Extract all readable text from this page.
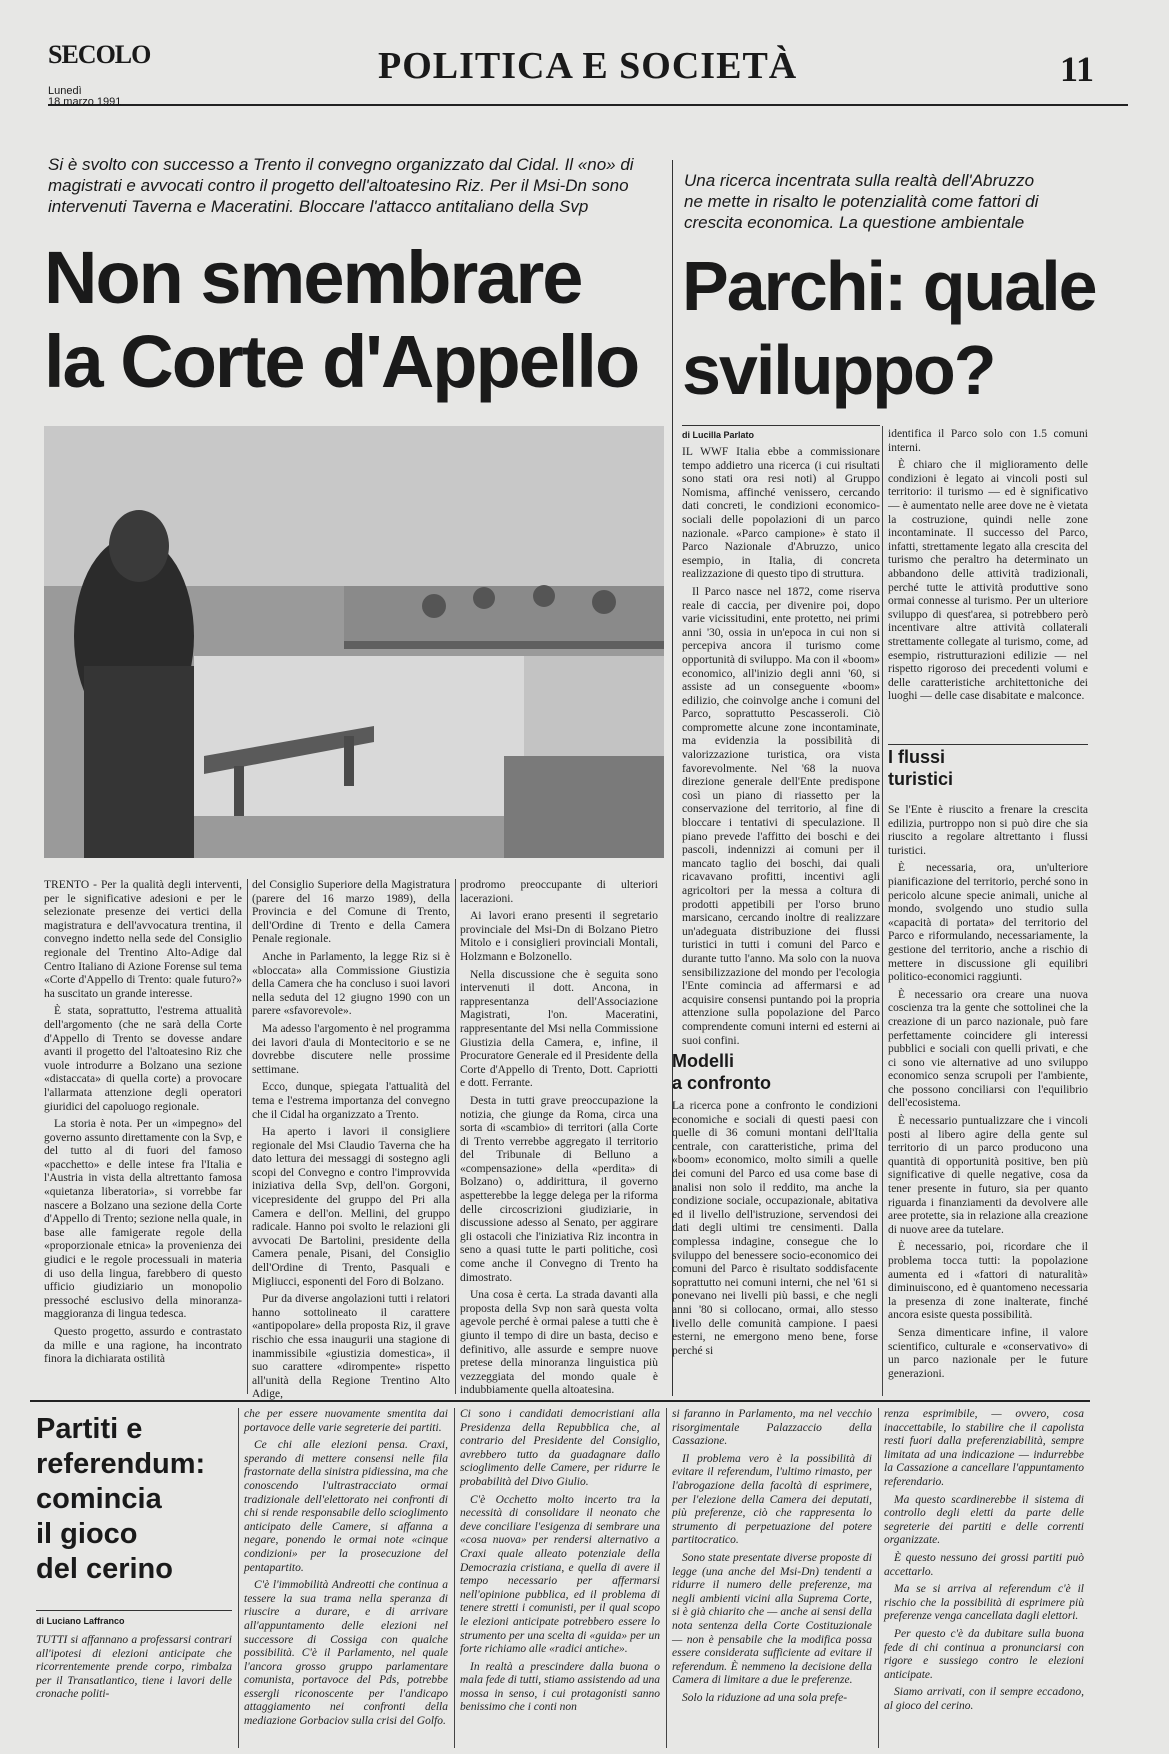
SECOLO
Lunedì
18 marzo 1991
POLITICA E SOCIETÀ	11
Si è svolto con successo a Trento il convegno organizzato dal Cidal. Il «no» di magistrati e avvocati contro il progetto dell'altoatesino Riz. Per il Msi-Dn sono intervenuti Taverna e Maceratini. Bloccare l'attacco antitaliano della Svp
Non smembrare
la Corte d'Appello

TRENTO - Per la qualità degli interventi, per le significative adesioni e per le selezionate presenze dei vertici della magistratura e dell'avvocatura trentina, il convegno indetto nella sede del Consiglio regionale del Trentino Alto-Adige dal Centro Italiano di Azione Forense sul tema «Corte d'Appello di Trento: quale futuro?» ha suscitato un grande interesse.

È stata, soprattutto, l'estrema attualità dell'argomento (che ne sarà della Corte d'Appello di Trento se dovesse andare avanti il progetto del l'altoatesino Riz che vuole introdurre a Bolzano una sezione «distaccata» di quella corte) a provocare l'allarmata attenzione degli operatori giuridici del capoluogo regionale.

La storia è nota. Per un «impegno» del governo assunto direttamente con la Svp, e del tutto al di fuori del famoso «pacchetto» e delle intese fra l'Italia e l'Austria in vista della altrettanto famosa «quietanza liberatoria», si vorrebbe far nascere a Bolzano una sezione della Corte d'Appello di Trento; sezione nella quale, in base alle famigerate regole della «proporzionale etnica» la provenienza dei giudici e le regole processuali in materia di uso della lingua, farebbero di questo ufficio giudiziario un monopolio pressoché esclusivo della minoranza-maggioranza di lingua tedesca.

Questo progetto, assurdo e contrastato da mille e una ragione, ha incontrato finora la dichiarata ostilità

del Consiglio Superiore della Magistratura (parere del 16 marzo 1989), della Provincia e del Comune di Trento, dell'Ordine di Trento e della Camera Penale regionale.

Anche in Parlamento, la legge Riz si è «bloccata» alla Commissione Giustizia della Camera che ha concluso i suoi lavori nella seduta del 12 giugno 1990 con un parere «sfavorevole».

Ma adesso l'argomento è nel programma dei lavori d'aula di Montecitorio e se ne dovrebbe discutere nelle prossime settimane.

Ecco, dunque, spiegata l'attualità del tema e l'estrema importanza del convegno che il Cidal ha organizzato a Trento.

Ha aperto i lavori il consigliere regionale del Msi Claudio Taverna che ha dato lettura dei messaggi di sostegno agli scopi del Convegno e contro l'improvvida iniziativa della Svp, dell'on. Gorgoni, vicepresidente del gruppo del Pri alla Camera e dell'on. Mellini, del gruppo radicale. Hanno poi svolto le relazioni gli avvocati De Bartolini, presidente della Camera penale, Pisani, del Consiglio dell'Ordine di Trento, Pasquali e Migliucci, esponenti del Foro di Bolzano.

Pur da diverse angolazioni tutti i relatori hanno sottolineato il carattere «antipopolare» della proposta Riz, il grave rischio che essa inaugurii una stagione di inammissibile «giustizia domestica», il suo carattere «dirompente» rispetto all'unità della Regione Trentino Alto Adige,

prodromo preoccupante di ulteriori lacerazioni.

Ai lavori erano presenti il segretario provinciale del Msi-Dn di Bolzano Pietro Mitolo e i consiglieri provinciali Montali, Holzmann e Bolzonello.

Nella discussione che è seguita sono intervenuti il dott. Ancona, in rappresentanza dell'Associazione Magistrati, l'on. Maceratini, rappresentante del Msi nella Commissione Giustizia della Camera, e, infine, il Procuratore Generale ed il Presidente della Corte d'Appello di Trento, Dott. Capriotti e dott. Ferrante.

Desta in tutti grave preoccupazione la notizia, che giunge da Roma, circa una sorta di «scambio» di territori (alla Corte di Trento verrebbe aggregato il territorio del Tribunale di Belluno a «compensazione» della «perdita» di Bolzano) o, addirittura, il governo aspetterebbe la legge delega per la riforma delle circoscrizioni giudiziarie, in discussione adesso al Senato, per aggirare gli ostacoli che l'iniziativa Riz incontra in seno a quasi tutte le parti politiche, così come anche il Convegno di Trento ha dimostrato.

Una cosa è certa. La strada davanti alla proposta della Svp non sarà questa volta agevole perché è ormai palese a tutti che è giunto il tempo di dire un basta, deciso e definitivo, alle assurde e sempre nuove pretese della minoranza linguistica più vezzeggiata del mondo quale è indubbiamente quella altoatesina.

Una ricerca incentrata sulla realtà dell'Abruzzo ne mette in risalto le potenzialità come fattori di crescita economica. La questione ambientale
Parchi: quale
sviluppo?
di Lucilla Parlato

IL WWF Italia ebbe a commissionare tempo addietro una ricerca (i cui risultati sono stati ora resi noti) al Gruppo Nomisma, affinché venissero, cercando dati concreti, le condizioni economico-sociali delle popolazioni di un parco nazionale. «Parco campione» è stato il Parco Nazionale d'Abruzzo, unico esempio, in Italia, di concreta realizzazione di questo tipo di struttura.

Il Parco nasce nel 1872, come riserva reale di caccia, per divenire poi, dopo varie vicissitudini, ente protetto, nei primi anni '30, ossia in un'epoca in cui non si percepiva ancora il turismo come opportunità di sviluppo. Ma con il «boom» economico, all'inizio degli anni '60, si assiste ad un conseguente «boom» edilizio, che coinvolge anche i comuni del Parco, soprattutto Pescasseroli. Ciò compromette alcune zone incontaminate, ma evidenzia la possibilità di valorizzazione turistica, ora vista favorevolmente. Nel '68 la nuova direzione generale dell'Ente predispone così un piano di riassetto per la conservazione del territorio, al fine di bloccare i tentativi di speculazione. Il piano prevede l'affitto dei boschi e dei pascoli, indennizzi ai comuni per il mancato taglio dei boschi, dai quali ricavavano profitti, incentivi agli agricoltori per la messa a coltura di prodotti appetibili per l'orso bruno marsicano, cercando inoltre di realizzare un'adeguata distribuzione dei flussi turistici in tutti i comuni del Parco e durante tutto l'anno. Ma solo con la nuova sensibilizzazione del mondo per l'ecologia l'Ente comincia ad affermarsi e ad acquisire consensi puntando poi la propria attenzione sulla popolazione del Parco comprendente comuni interni ed esterni ai suoi confini.

Modelli
a confronto

La ricerca pone a confronto le condizioni economiche e sociali di questi paesi con quelle di 36 comuni montani dell'Italia centrale, con caratteristiche, prima del «boom» economico, molto simili a quelle dei comuni del Parco ed usa come base di analisi non solo il reddito, ma anche la condizione sociale, occupazionale, abitativa ed il livello dell'istruzione, servendosi dei dati degli ultimi tre censimenti. Dalla complessa indagine, consegue che lo sviluppo del benessere socio-economico dei comuni del Parco è risultato soddisfacente soprattutto nei comuni interni, che nel '61 si ponevano nei livelli più bassi, e che negli anni '80 si collocano, ormai, allo stesso livello delle comunità campione. I paesi esterni, ne emergono meno bene, forse perché si

identifica il Parco solo con 1.5 comuni interni.

È chiaro che il miglioramento delle condizioni è legato ai vincoli posti sul territorio: il turismo — ed è significativo — è aumentato nelle aree dove ne è vietata la costruzione, quindi nelle zone incontaminate. Il successo del Parco, infatti, strettamente legato alla crescita del turismo che peraltro ha determinato un abbandono delle attività tradizionali, perché tutte le attività produttive sono ormai connesse al turismo. Per un ulteriore sviluppo di quest'area, si potrebbero però incentivare altre attività collaterali strettamente collegate al turismo, come, ad esempio, ristrutturazioni edilizie — nel rispetto rigoroso dei precedenti volumi e delle caratteristiche architettoniche dei luoghi — delle case disabitate e malconce.

I flussi
turistici

Se l'Ente è riuscito a frenare la crescita edilizia, purtroppo non si può dire che sia riuscito a regolare altrettanto i flussi turistici.

È necessaria, ora, un'ulteriore pianificazione del territorio, perché sono in pericolo alcune specie animali, uniche al mondo, svolgendo uno studio sulla «capacità di portata» del territorio del Parco e riformulando, necessariamente, la gestione del territorio, anche a rischio di mettere in discussione gli equilibri politico-economici raggiunti.

È necessario ora creare una nuova coscienza tra la gente che sottolinei che la creazione di un parco nazionale, può fare perfettamente coincidere gli interessi pubblici e sociali con quelli privati, e che ci sono vie alternative ad uno sviluppo economico senza scrupoli per l'ambiente, che possono conciliarsi con l'equilibrio dell'ecosistema.

È necessario puntualizzare che i vincoli posti al libero agire della gente sul territorio di un parco producono una quantità di opportunità positive, ben più significative di quelle negative, cosa da tener presente in futuro, sia per quanto riguarda i finanziamenti da devolvere alle aree protette, sia in relazione alla creazione di nuove aree da tutelare.

È necessario, poi, ricordare che il problema tocca tutti: la popolazione aumenta ed i «fattori di naturalità» diminuiscono, ed è quantomeno necessaria la presenza di zone inalterate, finché ancora esiste questa possibilità.

Senza dimenticare infine, il valore scientifico, culturale e «conservativo» di un parco nazionale per le future generazioni.

Partiti e
referendum:
comincia
il gioco
del cerino
di Luciano Laffranco

TUTTI si affannano a professarsi contrari all'ipotesi di elezioni anticipate che ricorrentemente prende corpo, rimbalza per il Transatlantico, tiene i lavori delle cronache politi-

che per essere nuovamente smentita dai portavoce delle varie segreterie dei partiti.

Ce chi alle elezioni pensa. Craxi, sperando di mettere consensi nelle fila frastornate della sinistra pidiessina, ma che conoscendo l'ultrastracciato ormai tradizionale dell'elettorato nei confronti di chi si rende responsabile dello scioglimento anticipato delle Camere, si affanna a negare, ponendo le ormai note «cinque condizioni» per la prosecuzione del pentapartito.

C'è l'immobilità Andreotti che continua a tessere la sua trama nella speranza di riuscire a durare, e di arrivare all'appuntamento delle elezioni nel successore di Cossiga con qualche possibilità. C'è il Parlamento, nel quale l'ancora grosso gruppo parlamentare comunista, portavoce del Pds, potrebbe essergli riconoscente per l'andicapo attaggiamento nei confronti della mediazione Gorbaciov sulla crisi del Golfo.

Ci sono i candidati democristiani alla Presidenza della Repubblica che, al contrario del Presidente del Consiglio, avrebbero tutto da guadagnare dallo scioglimento delle Camere, per ridurre le probabilità del Divo Giulio.

C'è Occhetto molto incerto tra la necessità di consolidare il neonato che deve conciliare l'esigenza di sembrare una «cosa nuova» per rendersi alternativo a Craxi quale alleato potenziale della Democrazia cristiana, e quella di avere il tempo necessario per affermarsi nell'opinione pubblica, ed il problema di tenere stretti i comunisti, per il qual scopo le elezioni anticipate potrebbero essere lo strumento per una scelta di «guida» per un forte richiamo alle «radici antiche».

In realtà a prescindere dalla buona o mala fede di tutti, stiamo assistendo ad una mossa in senso, i cui protagonisti sanno benissimo che i conti non

si faranno in Parlamento, ma nel vecchio risorgimentale Palazzaccio della Cassazione.

Il problema vero è la possibilità di evitare il referendum, l'ultimo rimasto, per l'abrogazione della facoltà di esprimere, per l'elezione della Camera dei deputati, più preferenze, ciò che rappresenta lo strumento di perpetuazione del potere partitocratico.

Sono state presentate diverse proposte di legge (una anche del Msi-Dn) tendenti a ridurre il numero delle preferenze, ma negli ambienti vicini alla Suprema Corte, si è già chiarito che — anche ai sensi della nota sentenza della Corte Costituzionale — non è pensabile che la modifica possa essere considerata sufficiente ad evitare il referendum. È nemmeno la decisione della Camera di limitare a due le preferenze.

Solo la riduzione ad una sola prefe-

renza esprimibile, — ovvero, cosa inaccettabile, lo stabilire che il capolista resti fuori dalla preferenziabilità, sempre limitata ad una indicazione — indurrebbe la Cassazione a cancellare l'appuntamento referendario.

Ma questo scardinerebbe il sistema di controllo degli eletti da parte delle segreterie dei partiti e delle correnti organizzate.

È questo nessuno dei grossi partiti può accettarlo.

Ma se si arriva al referendum c'è il rischio che la possibilità di esprimere più preferenze venga cancellata dagli elettori.

Per questo c'è da dubitare sulla buona fede di chi continua a pronunciarsi con rigore e sussiego contro le elezioni anticipate.

Siamo arrivati, con il sempre eccadono, al gioco del cerino.
